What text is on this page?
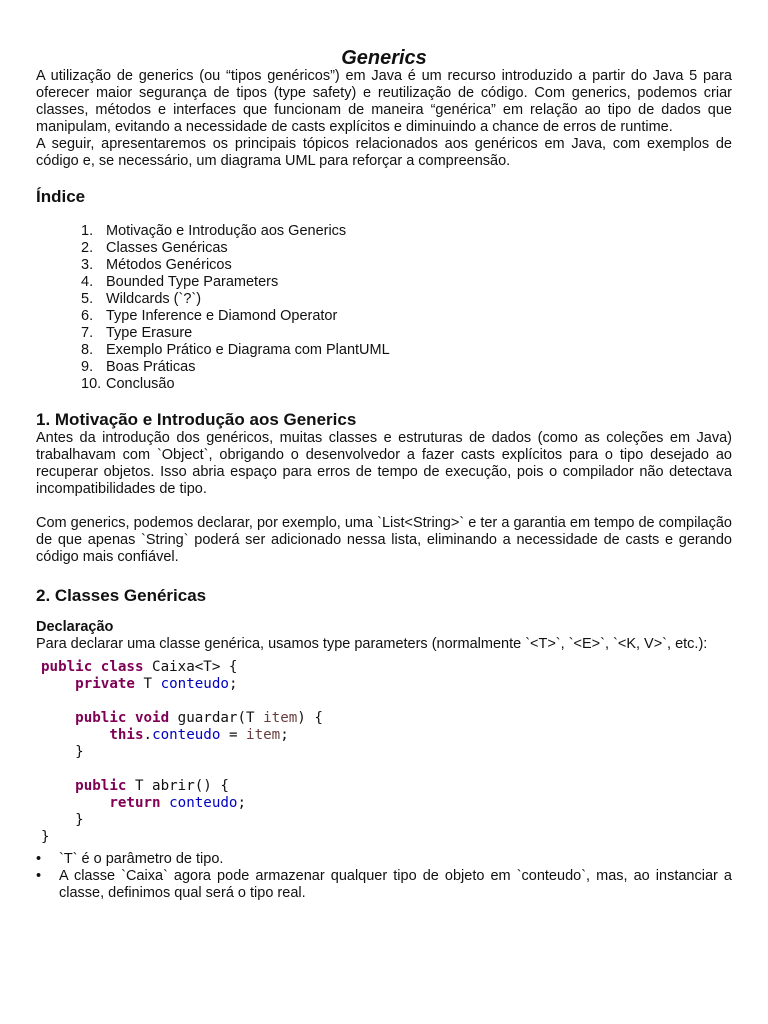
Generics

A utilização de generics (ou “tipos genéricos”) em Java é um recurso introduzido a partir do Java 5 para oferecer maior segurança de tipos (type safety) e reutilização de código. Com generics, podemos criar classes, métodos e interfaces que funcionam de maneira “genérica” em relação ao tipo de dados que manipulam, evitando a necessidade de casts explícitos e diminuindo a chance de erros de runtime.

A seguir, apresentaremos os principais tópicos relacionados aos genéricos em Java, com exemplos de código e, se necessário, um diagrama UML para reforçar a compreensão.

Índice
1. Motivação e Introdução aos Generics
2. Classes Genéricas
3. Métodos Genéricos
4. Bounded Type Parameters
5. Wildcards (`?`)
6. Type Inference e Diamond Operator
7. Type Erasure
8. Exemplo Prático e Diagrama com PlantUML
9. Boas Práticas
10. Conclusão
1. Motivação e Introdução aos Generics

Antes da introdução dos genéricos, muitas classes e estruturas de dados (como as coleções em Java) trabalhavam com `Object`, obrigando o desenvolvedor a fazer casts explícitos para o tipo desejado ao recuperar objetos. Isso abria espaço para erros de tempo de execução, pois o compilador não detectava incompatibilidades de tipo.

Com generics, podemos declarar, por exemplo, uma `List<String>` e ter a garantia em tempo de compilação de que apenas `String` poderá ser adicionado nessa lista, eliminando a necessidade de casts e gerando código mais confiável.

2. Classes Genéricas
Declaração

Para declarar uma classe genérica, usamos type parameters (normalmente `<T>`, `<E>`, `<K, V>`, etc.):

public class Caixa<T> {
private T conteudo;

public void guardar(T item) {
this.conteudo = item;
}

public T abrir() {
return conteudo;
}
}
• `T` é o parâmetro de tipo.
• A classe `Caixa` agora pode armazenar qualquer tipo de objeto em `conteudo`, mas, ao instanciar a classe, definimos qual será o tipo real.
